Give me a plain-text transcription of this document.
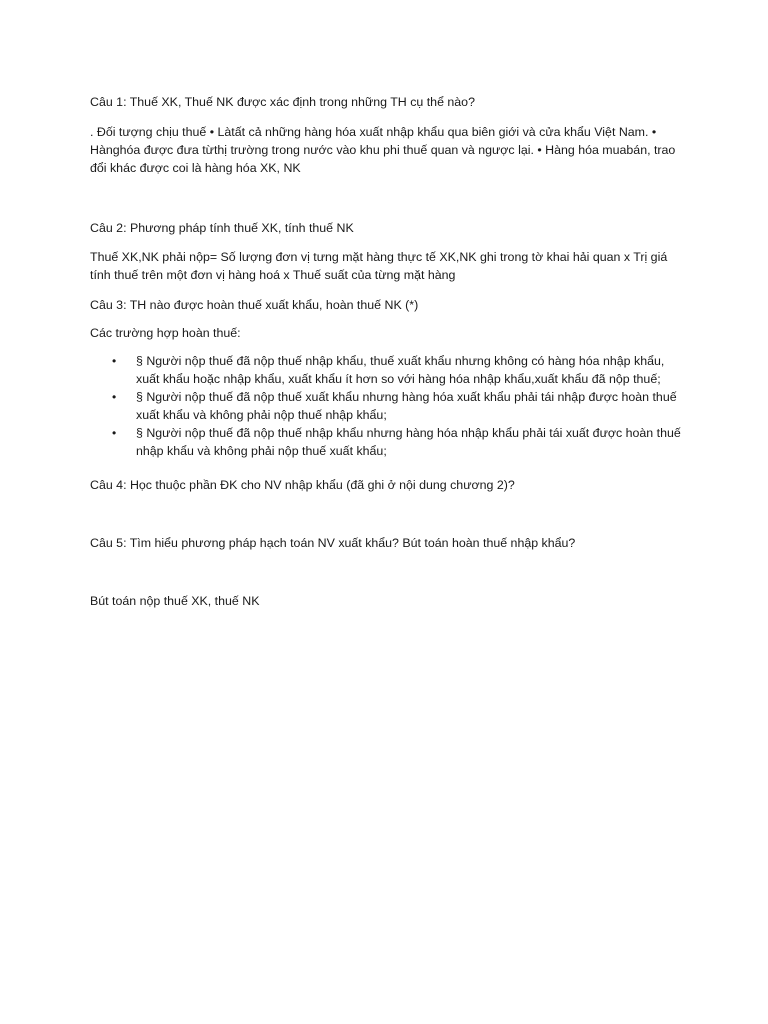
Câu 1: Thuế XK, Thuế NK được xác định trong những TH cụ thể nào?

. Đối tượng chịu thuế • Làtất cả những hàng hóa xuất nhập khẩu qua biên giới và cửa khẩu Việt Nam. • Hànghóa được đưa từthị trường trong nước vào khu phi thuế quan và ngược lại. • Hàng hóa muabán, trao đổi khác được coi là hàng hóa XK, NK

Câu 2: Phương pháp tính thuế XK, tính thuế NK

Thuế XK,NK phải nộp= Số lượng đơn vị tưng mặt hàng thực tế XK,NK ghi trong tờ khai hải quan x Trị giá tính thuế trên một đơn vị hàng hoá x Thuế suất của từng mặt hàng

Câu 3: TH nào được hoàn thuế xuất khẩu, hoàn thuế NK (*)

Các trường hợp hoàn thuế:

• § Người nộp thuế đã nộp thuế nhập khẩu, thuế xuất khẩu nhưng không có hàng hóa nhập khẩu, xuất khẩu hoặc nhập khẩu, xuất khẩu ít hơn so với hàng hóa nhập khẩu,xuất khẩu đã nộp thuế;
• § Người nộp thuế đã nộp thuế xuất khẩu nhưng hàng hóa xuất khẩu phải tái nhập được hoàn thuế xuất khẩu và không phải nộp thuế nhập khẩu;
• § Người nộp thuế đã nộp thuế nhập khẩu nhưng hàng hóa nhập khẩu phải tái xuất được hoàn thuế nhập khẩu và không phải nộp thuế xuất khẩu;

Câu 4: Học thuộc phần ĐK cho NV nhập khẩu (đã ghi ở nội dung chương 2)?

Câu 5: Tìm hiểu phương pháp hạch toán NV xuất khẩu? Bút toán hoàn thuế nhập khẩu?

Bút toán nộp thuế XK, thuế NK
